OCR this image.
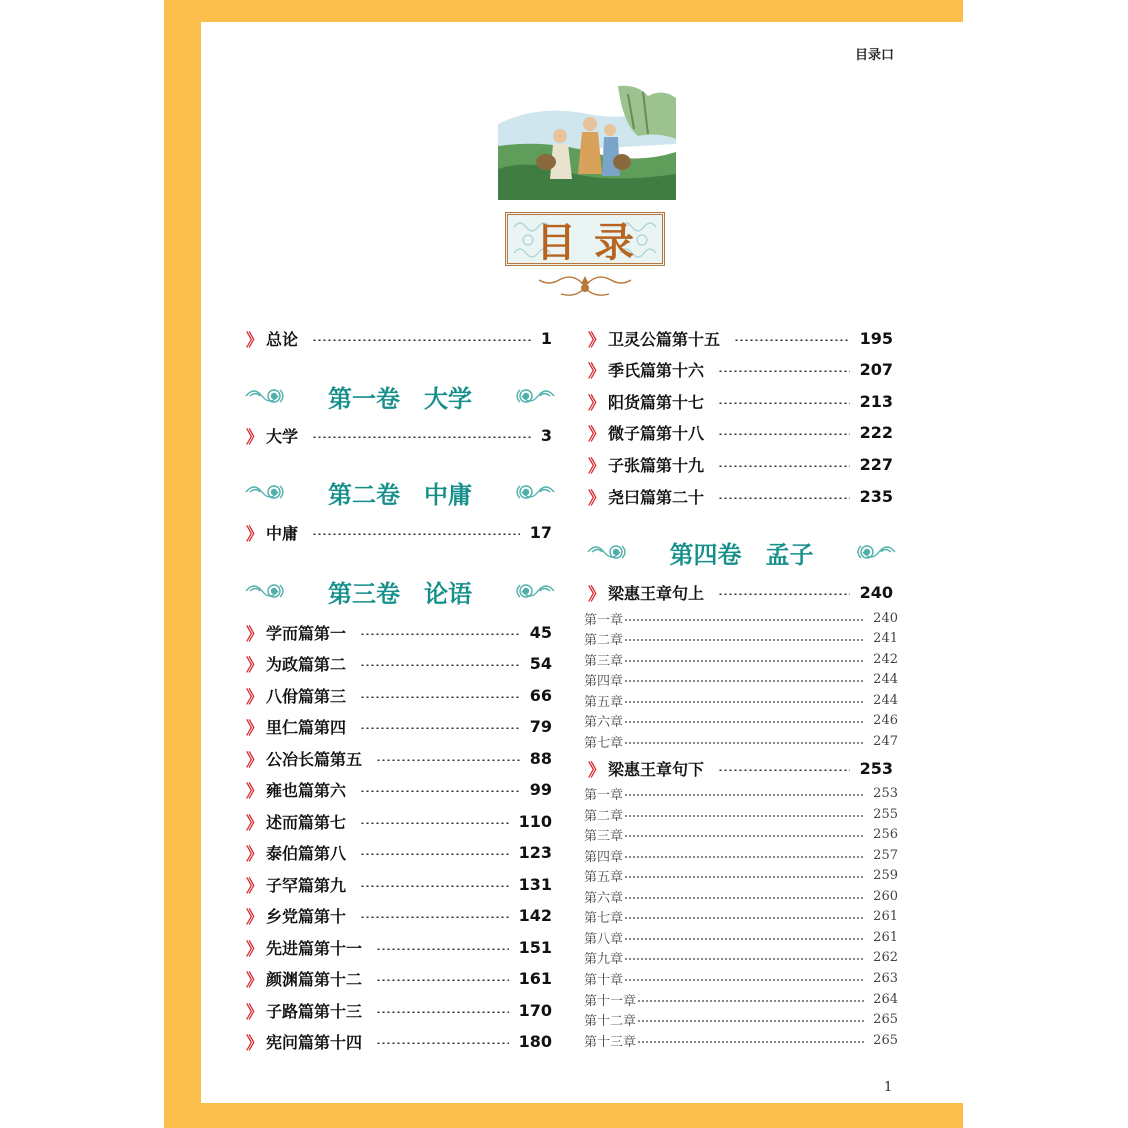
目录口
目录
》 总论	1
第一卷　大学
》 大学	3
第二卷　中庸
》 中庸	17
第三卷　论语
》 学而篇第一	45
》 为政篇第二	54
》 八佾篇第三	66
》 里仁篇第四	79
》 公冶长篇第五	88
》 雍也篇第六	99
》 述而篇第七	110
》 泰伯篇第八	123
》 子罕篇第九	131
》 乡党篇第十	142
》 先进篇第十一	151
》 颜渊篇第十二	161
》 子路篇第十三	170
》 宪问篇第十四	180
》 卫灵公篇第十五	195
》 季氏篇第十六	207
》 阳货篇第十七	213
》 微子篇第十八	222
》 子张篇第十九	227
》 尧曰篇第二十	235
第四卷　孟子
》 梁惠王章句上	240
第一章	240
第二章	241
第三章	242
第四章	244
第五章	244
第六章	246
第七章	247
》 梁惠王章句下	253
第一章	253
第二章	255
第三章	256
第四章	257
第五章	259
第六章	260
第七章	261
第八章	261
第九章	262
第十章	263
第十一章	264
第十二章	265
第十三章	265
1
